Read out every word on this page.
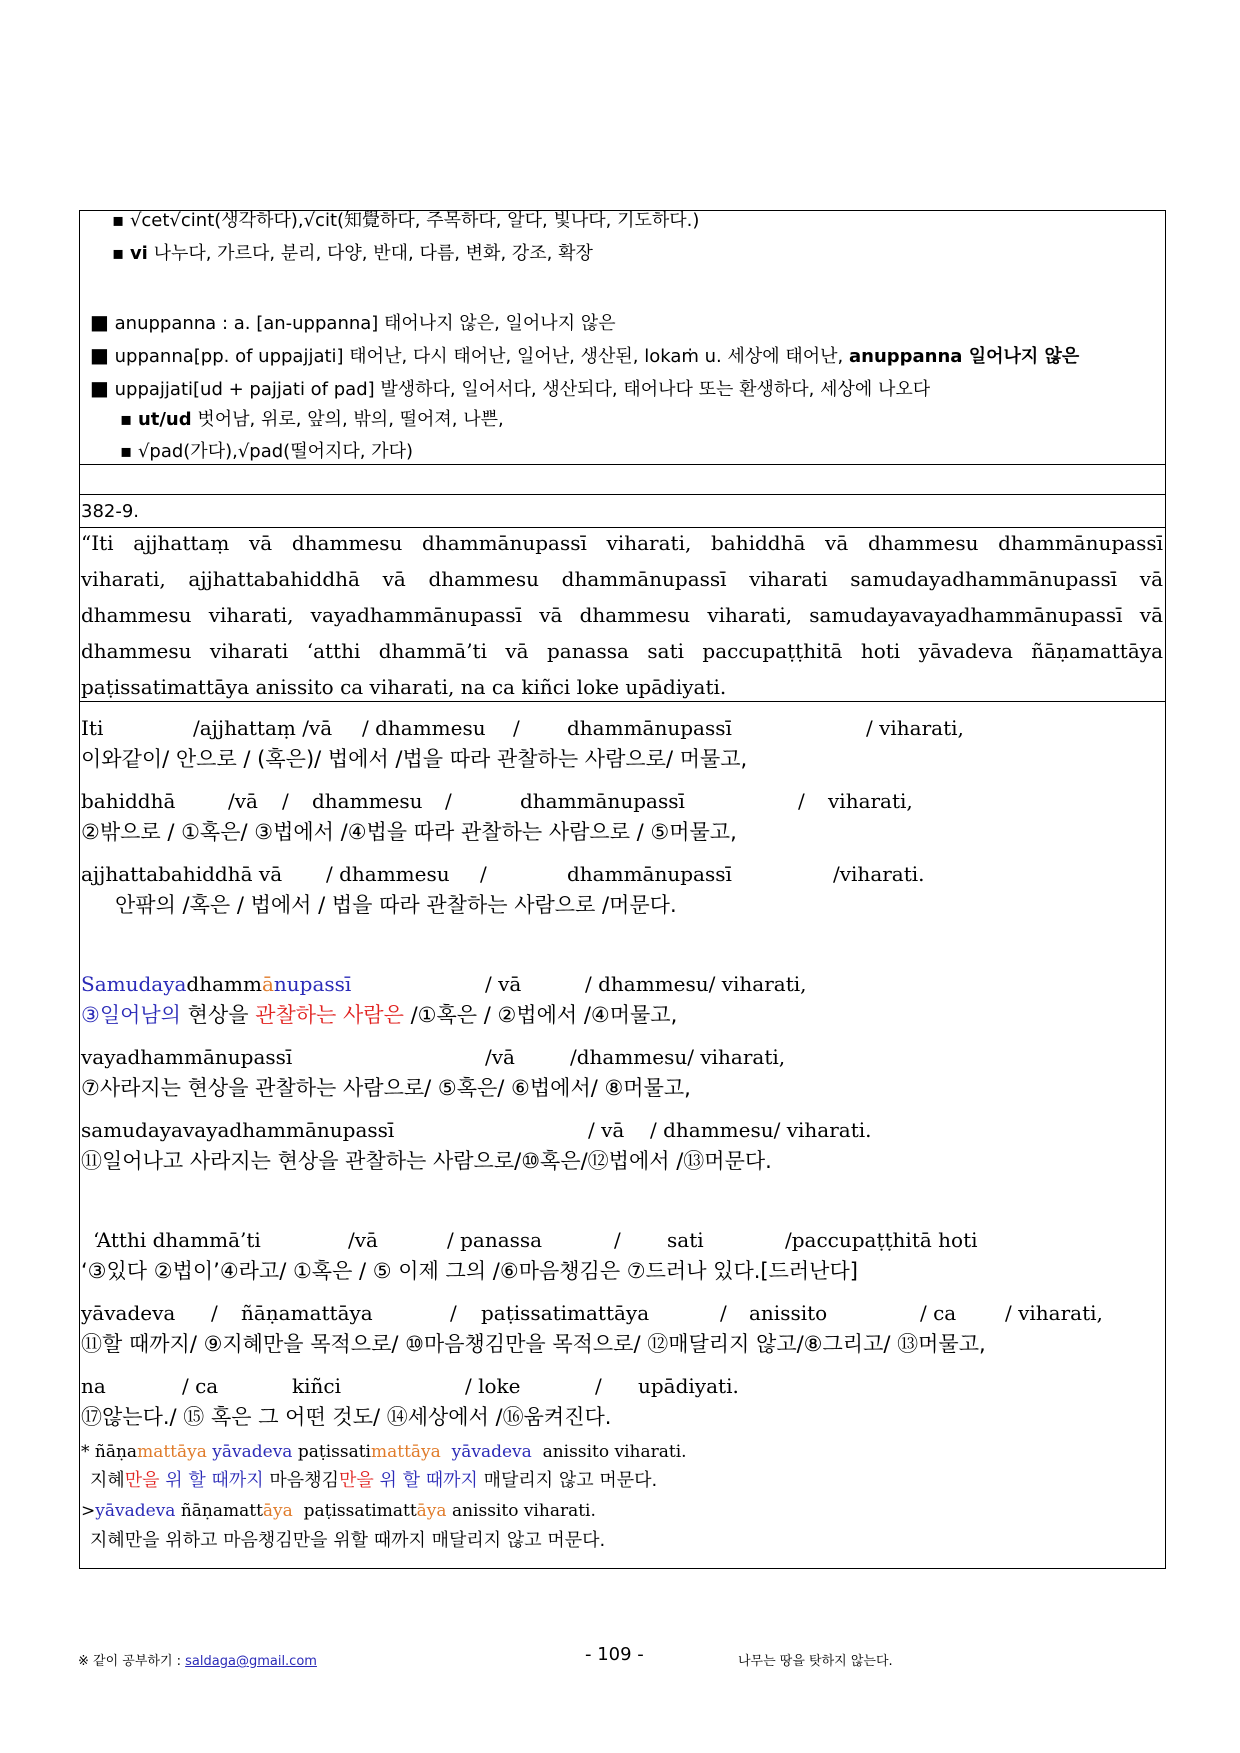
▪ √cet√cint(생각하다),√cit(知覺하다, 주목하다, 알다, 빛나다, 기도하다.)
▪ vi 나누다, 가르다, 분리, 다양, 반대, 다름, 변화, 강조, 확장
■ anuppanna : a. [an-uppanna] 태어나지 않은, 일어나지 않은
■ uppanna[pp. of uppajjati] 태어난, 다시 태어난, 일어난, 생산된, lokaṁ u. 세상에 태어난, anuppanna 일어나지 않은
■ uppajjati[ud + pajjati of pad] 발생하다, 일어서다, 생산되다, 태어나다 또는 환생하다, 세상에 나오다
▪ ut/ud 벗어남, 위로, 앞의, 밖의, 떨어져, 나쁜,
▪ √pad(가다),√pad(떨어지다, 가다)
382-9.
“Iti ajjhattaṃ vā dhammesu dhammānupassī viharati, bahiddhā vā dhammesu dhammānupassī
viharati, ajjhattabahiddhā vā dhammesu dhammānupassī viharati samudayadhammānupassī vā
dhammesu viharati, vayadhammānupassī vā dhammesu viharati, samudayavayadhammānupassī vā
dhammesu viharati ‘atthi dhammā’ti vā panassa sati paccupaṭṭhitā hoti yāvadeva ñāṇamattāya
paṭissatimattāya anissito ca viharati, na ca kiñci loke upādiyati.
Iti	/ajjhattaṃ /vā / dhammesu / dhammānupassī	/ viharati,
이와같이/ 안으로 / (혹은)/ 법에서 /법을 따라 관찰하는 사람으로/ 머물고,
bahiddhā	/vā / dhammesu /	dhammānupassī	/ viharati,
②밖으로 / ①혹은/ ③법에서 /④법을 따라 관찰하는 사람으로 / ⑤머물고,
ajjhattabahiddhā vā / dhammesu /	dhammānupassī	/viharati.
안팎의 /혹은 / 법에서 / 법을 따라 관찰하는 사람으로 /머문다.
Samudayadhammānupassī	/ vā	/ dhammesu/ viharati,
③일어남의 현상을 관찰하는 사람은 /①혹은 / ②법에서 /④머물고,
vayadhammānupassī	/vā	/dhammesu/ viharati,
⑦사라지는 현상을 관찰하는 사람으로/ ⑤혹은/ ⑥법에서/ ⑧머물고,
samudayavayadhammānupassī	/ vā / dhammesu/ viharati.
⑪일어나고 사라지는 현상을 관찰하는 사람으로/⑩혹은/⑫법에서 /⑬머문다.
‘Atthi dhammā’ti	/vā	/ panassa	/ sati	/paccupaṭṭhitā hoti
‘③있다 ②법이’④라고/ ①혹은 / ⑤ 이제 그의 /⑥마음챙김은 ⑦드러나 있다.[드러난다]
yāvadeva / ñāṇamattāya	/ paṭissatimattāya	/ anissito	/ ca / viharati,
⑪할 때까지/ ⑨지혜만을 목적으로/ ⑩마음챙김만을 목적으로/ ⑫매달리지 않고/⑧그리고/ ⑬머물고,
na	/ ca	kiñci	/ loke	/ upādiyati.
⑰않는다./ ⑮ 혹은 그 어떤 것도/ ⑭세상에서 /⑯움켜진다.
* ñāṇamattāya yāvadeva paṭissatimattāya yāvadeva anissito viharati.
지혜만을 위 할 때까지 마음챙김만을 위 할 때까지 매달리지 않고 머문다.
>yāvadeva ñāṇamattāya paṭissatimattāya anissito viharati.
지혜만을 위하고 마음챙김만을 위할 때까지 매달리지 않고 머문다.
※ 같이 공부하기 : saldaga@gmail.com	- 109 -	나무는 땅을 탓하지 않는다.
